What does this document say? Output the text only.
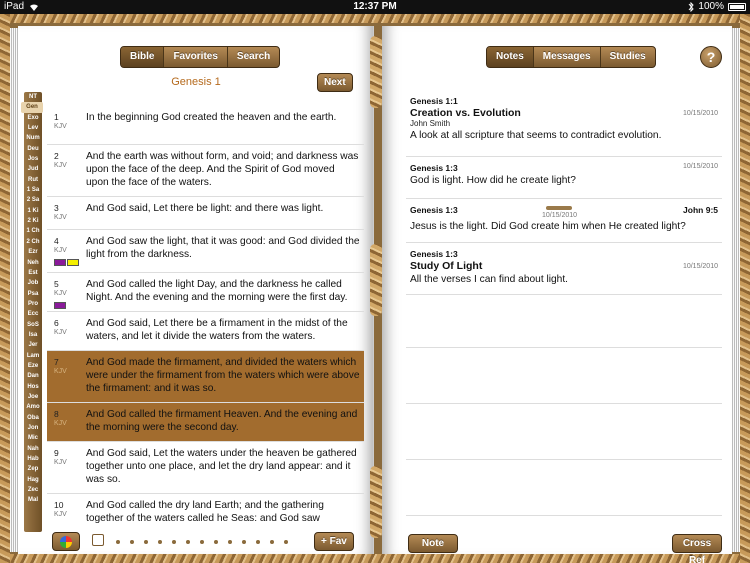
iPad	12:37 PM	100%
Bible	Favorites	Search
Genesis 1	Next
NT
Gen
Exo
Lev
Num
Deu
Jos
Jud
Rut
1 Sa
2 Sa
1 Ki
2 Ki
1 Ch
2 Ch
Ezr
Neh
Est
Job
Psa
Pro
Ecc
SoS
Isa
Jer
Lam
Eze
Dan
Hos
Joe
Amo
Oba
Jon
Mic
Nah
Hab
Zep
Hag
Zec
Mal
1
KJV
In the beginning God created the heaven and the earth.
2
KJV
And the earth was without form, and void; and darkness was upon the face of the deep. And the Spirit of God moved upon the face of the waters.
3
KJV
And God said, Let there be light: and there was light.
4
KJV
And God saw the light, that it was good: and God divided the light from the darkness.
5
KJV
And God called the light Day, and the darkness he called Night. And the evening and the morning were the first day.
6
KJV
And God said, Let there be a firmament in the midst of the waters, and let it divide the waters from the waters.
7
KJV
And God made the firmament, and divided the waters which were under the firmament from the waters which were above the firmament: and it was so.
8
KJV
And God called the firmament Heaven. And the evening and the morning were the second day.
9
KJV
And God said, Let the waters under the heaven be gathered together unto one place, and let the dry land appear: and it was so.
10
KJV
And God called the dry land Earth; and the gathering together of the waters called he Seas: and God saw
+ Fav
Notes	Messages	Studies	?
Genesis 1:1
Creation vs. Evolution	10/15/2010
John Smith
A look at all scripture that seems to contradict evolution.
Genesis 1:3	10/15/2010
God is light. How did he create light?
Genesis 1:3
10/15/2010
John 9:5
Jesus is the light. Did God create him when He created light?
Genesis 1:3
Study Of Light	10/15/2010
All the verses I can find about light.
Note	Cross Ref
